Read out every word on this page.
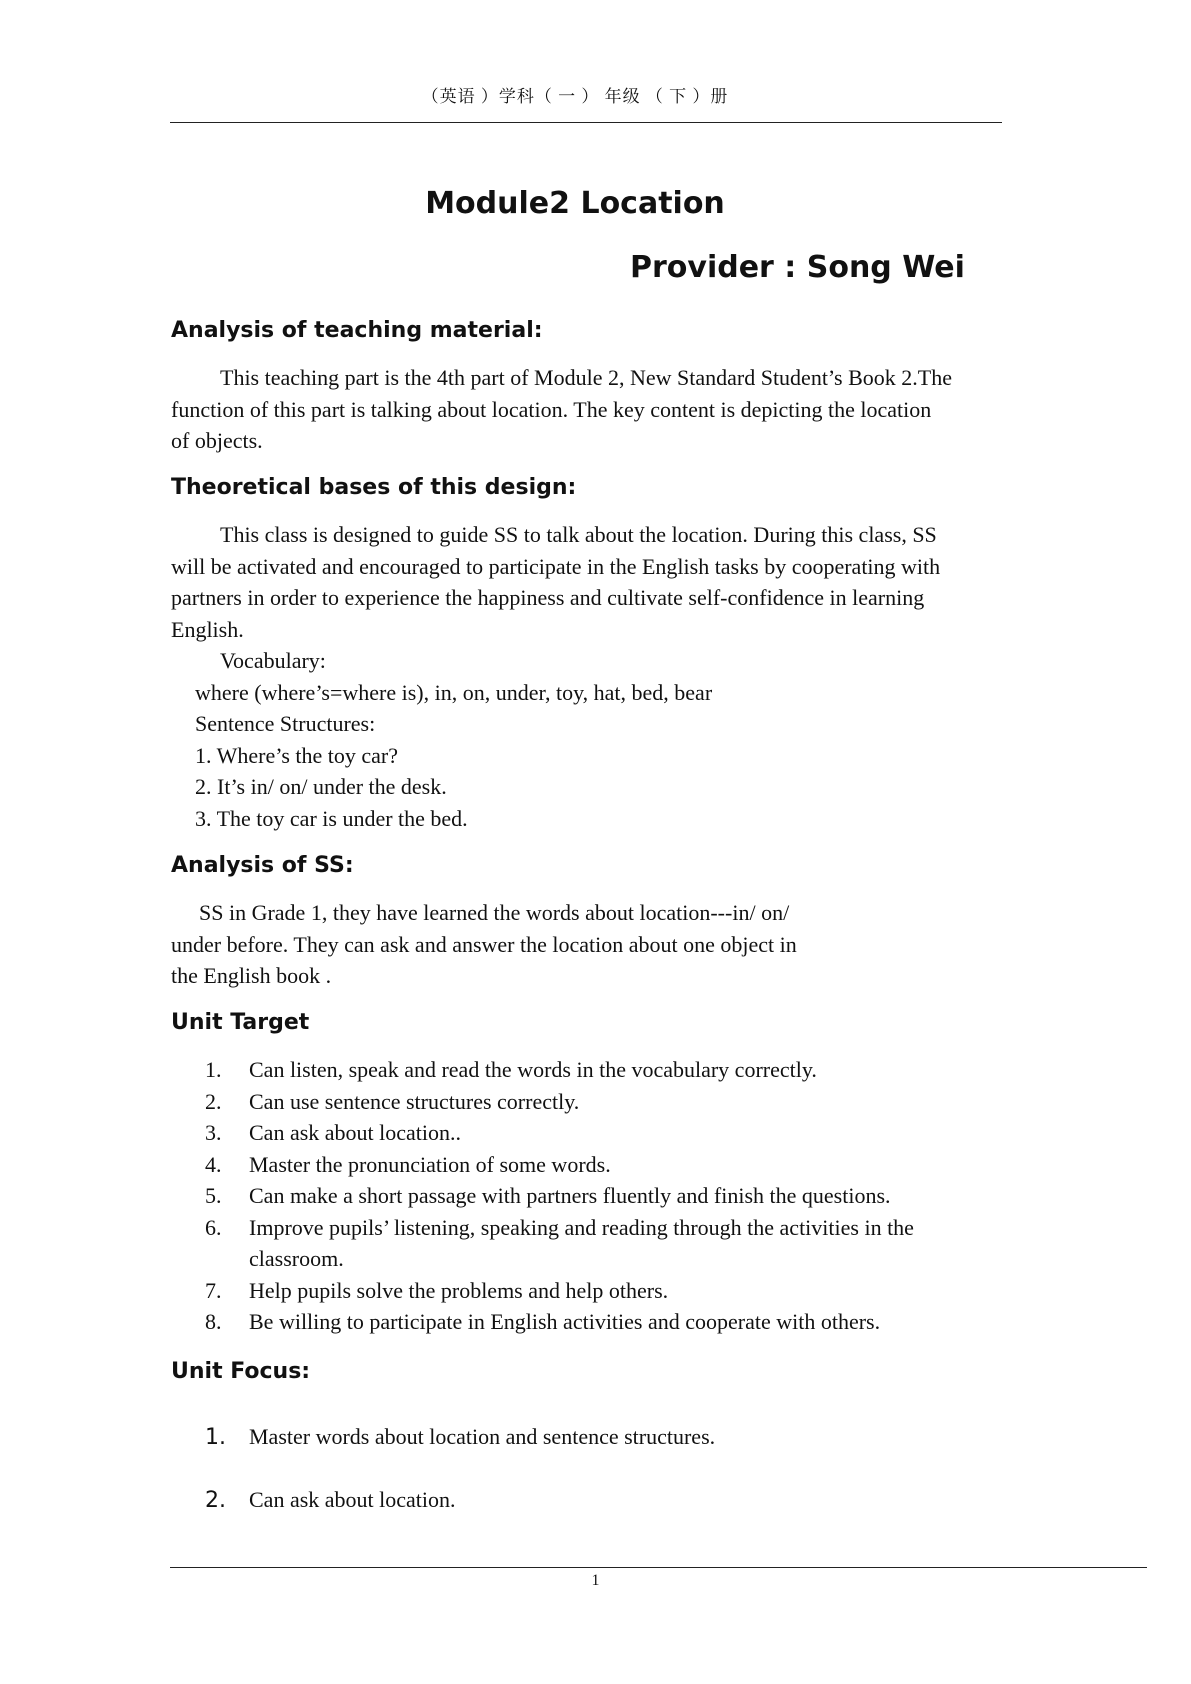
（英语 ）学科（ 一 ） 年级 （ 下 ）册
Module2 Location
Provider : Song Wei
Analysis of teaching material:
This teaching part is the 4th part of Module 2, New Standard Student’s Book 2.The
function of this part is talking about location. The key content is depicting the location
of objects.
Theoretical bases of this design:
This class is designed to guide SS to talk about the location. During this class, SS
will be activated and encouraged to participate in the English tasks by cooperating with
partners in order to experience the happiness and cultivate self-confidence in learning
English.
Vocabulary:
where (where’s=where is), in, on, under, toy, hat, bed, bear
Sentence Structures:
1. Where’s the toy car?
2. It’s in/ on/ under the desk.
3. The toy car is under the bed.
Analysis of SS:
SS in Grade 1, they have learned the words about location---in/ on/
under before. They can ask and answer the location about one object in
the English book .
Unit Target
1.	Can listen, speak and read the words in the vocabulary correctly.
2.	Can use sentence structures correctly.
3.	Can ask about location..
4.	Master the pronunciation of some words.
5.	Can make a short passage with partners fluently and finish the questions.
6.	Improve pupils’ listening, speaking and reading through the activities in the classroom.
7.	Help pupils solve the problems and help others.
8.	Be willing to participate in English activities and cooperate with others.
Unit Focus:
1. Master words about location and sentence structures.
2. Can ask about location.
1
